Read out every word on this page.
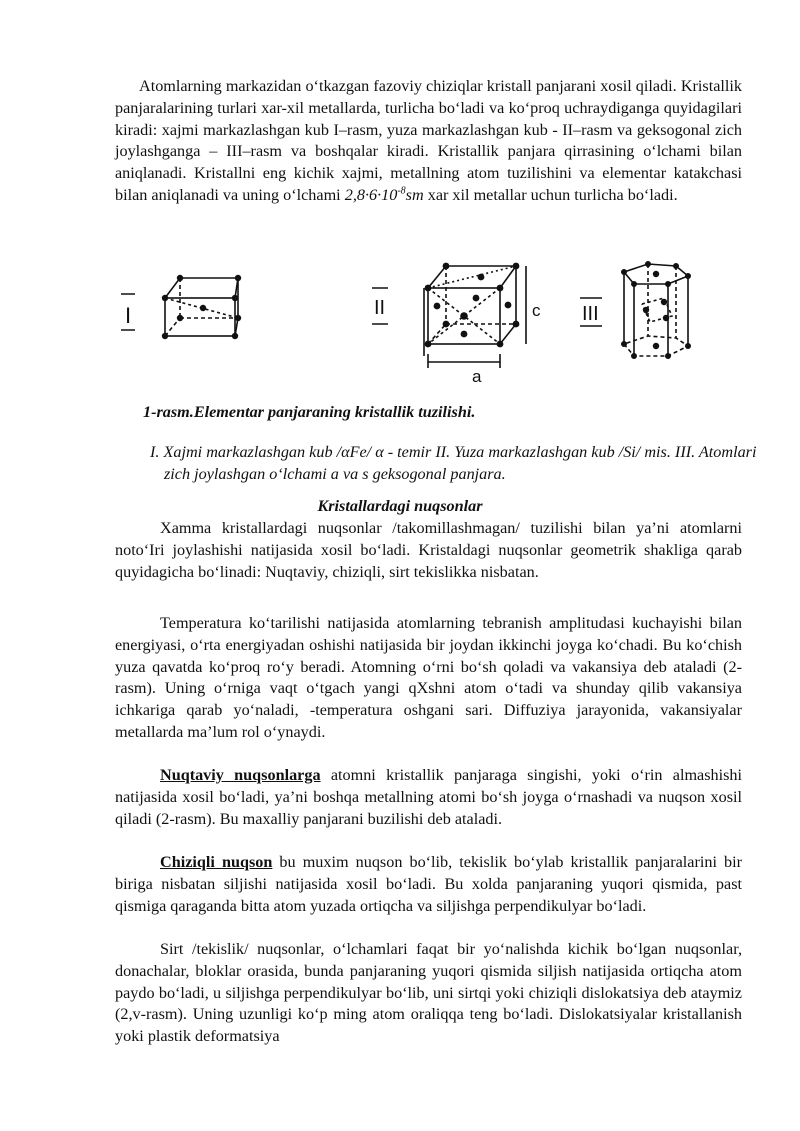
Atomlarning markazidan oʻtkazgan fazoviy chiziqlar kristall panjarani xosil qiladi. Kristallik panjaralarining turlari xar-xil metallarda, turlicha boʻladi va koʻproq uchraydiganga quyidagilari kiradi: xajmi markazlashgan kub I–rasm, yuza markazlashgan kub - II–rasm va geksogonal zich joylashganga – III–rasm va boshqalar kiradi. Kristallik panjara qirrasining oʻlchami bilan aniqlanadi. Kristallni eng kichik xajmi, metallning atom tuzilishini va elementar katakchasi bilan aniqlanadi va uning oʻlchami $2,8\cdot 6\cdot 10^{-8}sm$ xar xil metallar uchun turlicha boʻladi.

I	II	c
a
III

1-rasm.Elementar panjaraning kristallik tuzilishi.

I. Xajmi markazlashgan kub /αFe/ α - temir II. Yuza markazlashgan kub /Si/ mis. III. Atomlari zich joylashgan oʻlchami a va s geksogonal panjara.

Kristallardagi nuqsonlar

Xamma kristallardagi nuqsonlar /takomillashmagan/ tuzilishi bilan ya’ni atomlarni notoʻIri joylashishi natijasida xosil boʻladi. Kristaldagi nuqsonlar geometrik shakliga qarab quyidagicha boʻlinadi: Nuqtaviy, chiziqli, sirt tekislikka nisbatan.

Temperatura koʻtarilishi natijasida atomlarning tebranish amplitudasi kuchayishi bilan energiyasi, oʻrta energiyadan oshishi natijasida bir joydan ikkinchi joyga koʻchadi. Bu koʻchish yuza qavatda koʻproq roʻy beradi. Atomning oʻrni boʻsh qoladi va vakansiya deb ataladi (2-rasm). Uning oʻrniga vaqt oʻtgach yangi qXshni atom oʻtadi va shunday qilib vakansiya ichkariga qarab yoʻnaladi, -temperatura oshgani sari. Diffuziya jarayonida, vakansiyalar metallarda ma’lum rol oʻynaydi.

Nuqtaviy nuqsonlarga atomni kristallik panjaraga singishi, yoki oʻrin almashishi natijasida xosil boʻladi, ya’ni boshqa metallning atomi boʻsh joyga oʻrnashadi va nuqson xosil qiladi (2-rasm). Bu maxalliy panjarani buzilishi deb ataladi.

Chiziqli nuqson bu muxim nuqson boʻlib, tekislik boʻylab kristallik panjaralarini bir biriga nisbatan siljishi natijasida xosil boʻladi. Bu xolda panjaraning yuqori qismida, past qismiga qaraganda bitta atom yuzada ortiqcha va siljishga perpendikulyar boʻladi.

Sirt /tekislik/ nuqsonlar, oʻlchamlari faqat bir yoʻnalishda kichik boʻlgan nuqsonlar, donachalar, bloklar orasida, bunda panjaraning yuqori qismida siljish natijasida ortiqcha atom paydo boʻladi, u siljishga perpendikulyar boʻlib, uni sirtqi yoki chiziqli dislokatsiya deb ataymiz (2,v-rasm). Uning uzunligi koʻp ming atom oraliqqa teng boʻladi. Dislokatsiyalar kristallanish yoki plastik deformatsiya
